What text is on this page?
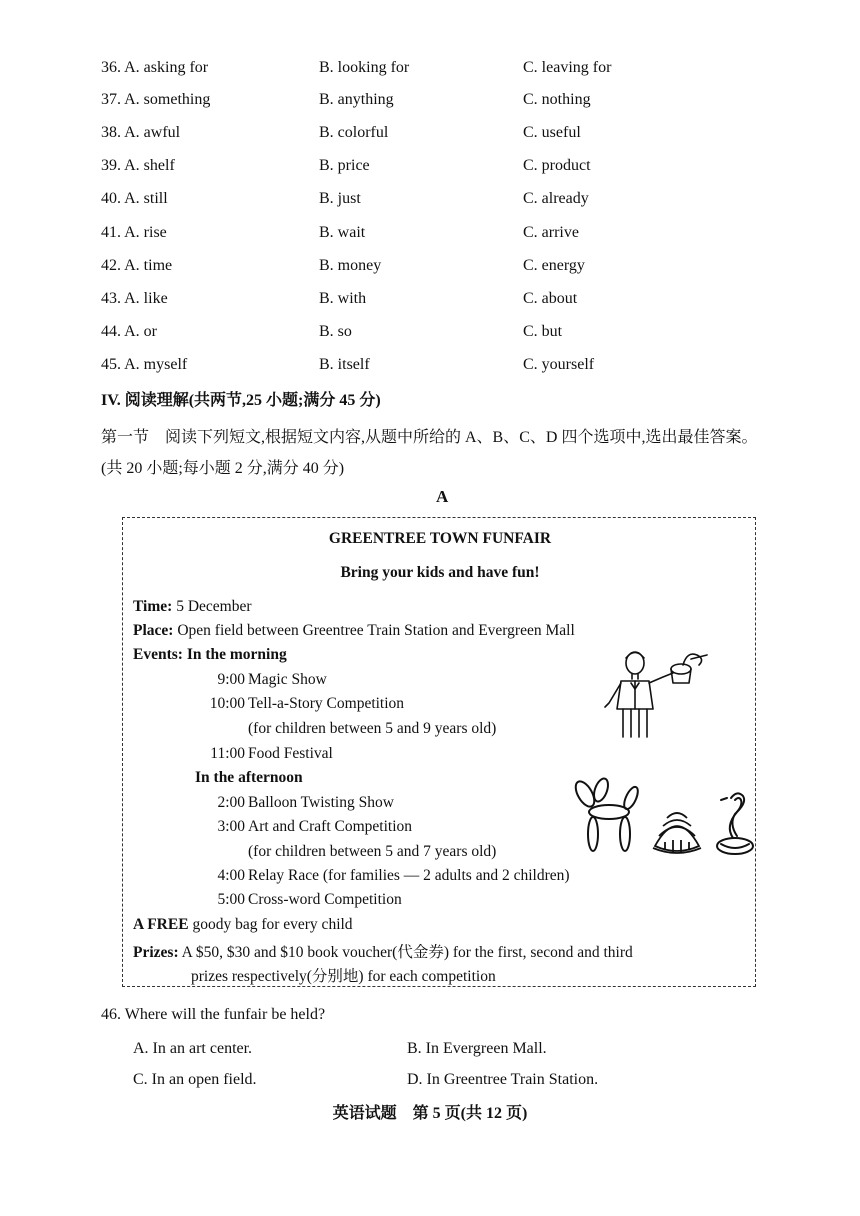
36. A. asking for	B. looking for	C. leaving for
37. A. something	B. anything	C. nothing
38. A. awful	B. colorful	C. useful
39. A. shelf	B. price	C. product
40. A. still	B. just	C. already
41. A. rise	B. wait	C. arrive
42. A. time	B. money	C. energy
43. A. like	B. with	C. about
44. A. or	B. so	C. but
45. A. myself	B. itself	C. yourself
IV. 阅读理解(共两节,25 小题;满分 45 分)
第一节　阅读下列短文,根据短文内容,从题中所给的 A、B、C、D 四个选项中,选出最佳答案。
(共 20 小题;每小题 2 分,满分 40 分)
A
GREENTREE TOWN FUNFAIR
Bring your kids and have fun!
Time: 5 December
Place: Open field between Greentree Train Station and Evergreen Mall
Events: In the morning
9:00 Magic Show
10:00 Tell-a-Story Competition
(for children between 5 and 9 years old)
11:00 Food Festival
In the afternoon
2:00 Balloon Twisting Show
3:00 Art and Craft Competition
(for children between 5 and 7 years old)
4:00 Relay Race (for families — 2 adults and 2 children)
5:00 Cross-word Competition
A FREE goody bag for every child
Prizes: A $50, $30 and $10 book voucher(代金券) for the first, second and third
prizes respectively(分别地) for each competition
46. Where will the funfair be held?
A. In an art center.	B. In Evergreen Mall.
C. In an open field.	D. In Greentree Train Station.
英语试题　第 5 页(共 12 页)
